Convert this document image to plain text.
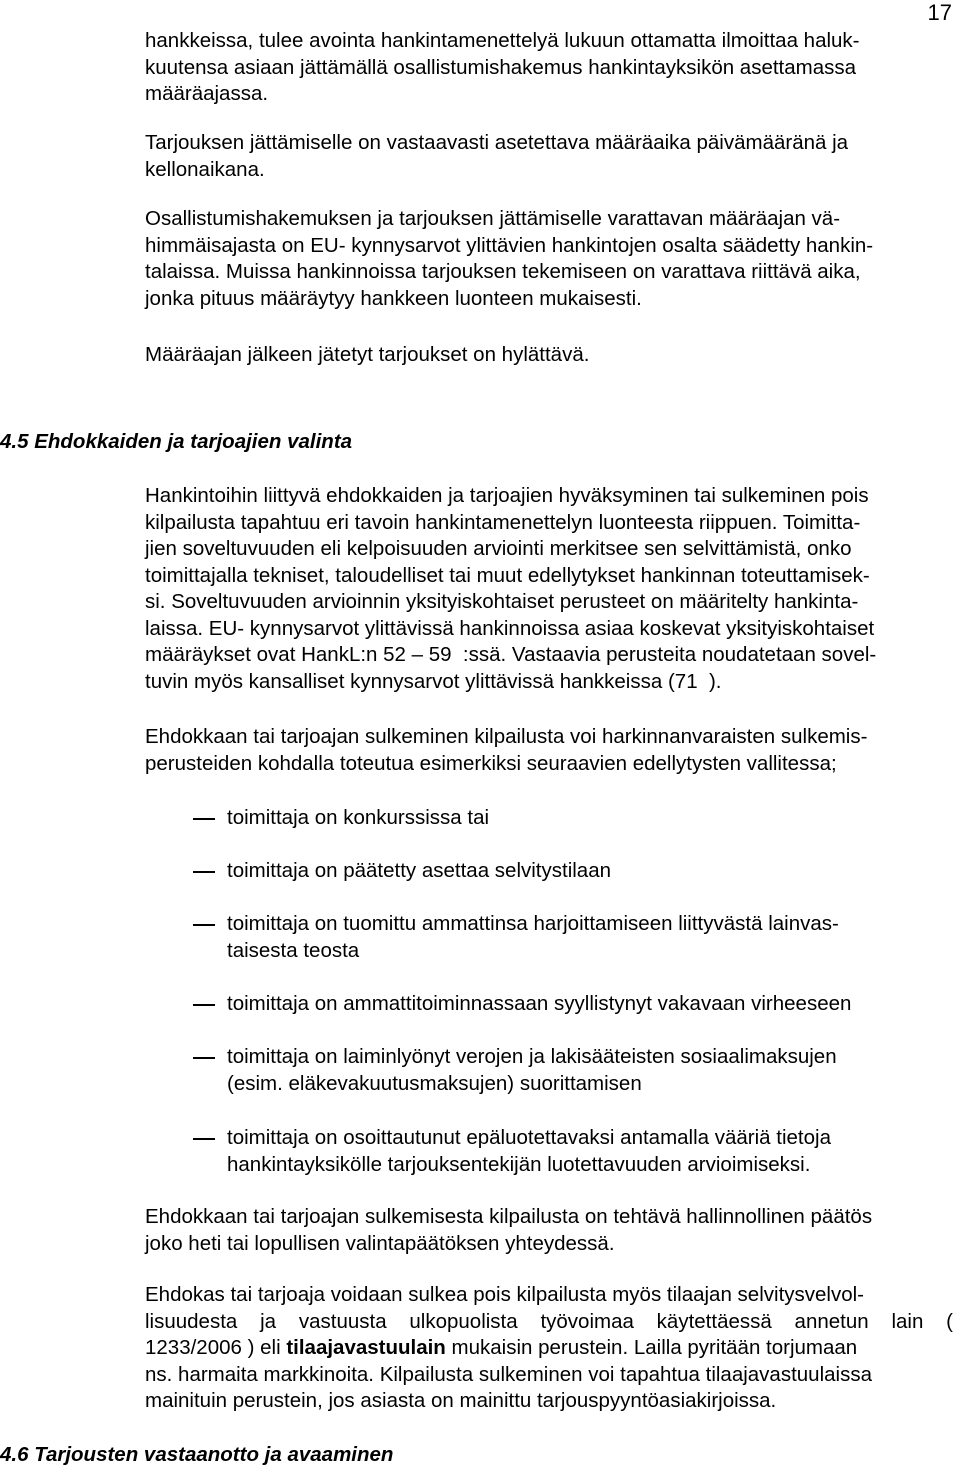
17
hankkeissa, tulee avointa hankintamenettelyä lukuun ottamatta ilmoittaa haluk-
kuutensa asiaan jättämällä osallistumishakemus hankintayksikön asettamassa
määräajassa.
Tarjouksen jättämiselle on vastaavasti asetettava määräaika päivämääränä ja
kellonaikana.
Osallistumishakemuksen ja tarjouksen jättämiselle varattavan määräajan vä-
himmäisajasta on EU- kynnysarvot ylittävien hankintojen osalta säädetty hankin-
talaissa. Muissa hankinnoissa tarjouksen tekemiseen on varattava riittävä aika,
jonka pituus määräytyy hankkeen luonteen mukaisesti.
Määräajan jälkeen jätetyt tarjoukset on hylättävä.
4.5 Ehdokkaiden ja tarjoajien valinta
Hankintoihin liittyvä ehdokkaiden ja tarjoajien hyväksyminen tai sulkeminen pois
kilpailusta tapahtuu eri tavoin hankintamenettelyn luonteesta riippuen. Toimitta-
jien soveltuvuuden eli kelpoisuuden arviointi merkitsee sen selvittämistä, onko
toimittajalla tekniset, taloudelliset tai muut edellytykset hankinnan toteuttamisek-
si. Soveltuvuuden arvioinnin yksityiskohtaiset perusteet on määritelty hankinta-
laissa. EU- kynnysarvot ylittävissä hankinnoissa asiaa koskevat yksityiskohtaiset
määräykset ovat HankL:n 52 – 59  :ssä. Vastaavia perusteita noudatetaan sovel-
tuvin myös kansalliset kynnysarvot ylittävissä hankkeissa (71  ).
Ehdokkaan tai tarjoajan sulkeminen kilpailusta voi harkinnanvaraisten sulkemis-
perusteiden kohdalla toteutua esimerkiksi seuraavien edellytysten vallitessa;
toimittaja on konkurssissa tai
toimittaja on päätetty asettaa selvitystilaan
toimittaja on tuomittu ammattinsa harjoittamiseen liittyvästä lainvas-
taisesta teosta
toimittaja on ammattitoiminnassaan syyllistynyt vakavaan virheeseen
toimittaja on laiminlyönyt verojen ja lakisääteisten sosiaalimaksujen
(esim. eläkevakuutusmaksujen) suorittamisen
toimittaja on osoittautunut epäluotettavaksi antamalla vääriä tietoja
hankintayksikölle tarjouksentekijän luotettavuuden arvioimiseksi.
Ehdokkaan tai tarjoajan sulkemisesta kilpailusta on tehtävä hallinnollinen päätös
joko heti tai lopullisen valintapäätöksen yhteydessä.
Ehdokas tai tarjoaja voidaan sulkea pois kilpailusta myös tilaajan selvitysvelvol-
lisuudesta ja vastuusta ulkopuolista työvoimaa käytettäessä annetun lain (
1233/2006 ) eli tilaajavastuulain mukaisin perustein. Lailla pyritään torjumaan
ns. harmaita markkinoita. Kilpailusta sulkeminen voi tapahtua tilaajavastuulaissa
mainituin perustein, jos asiasta on mainittu tarjouspyyntöasiakirjoissa.
4.6 Tarjousten vastaanotto ja avaaminen
